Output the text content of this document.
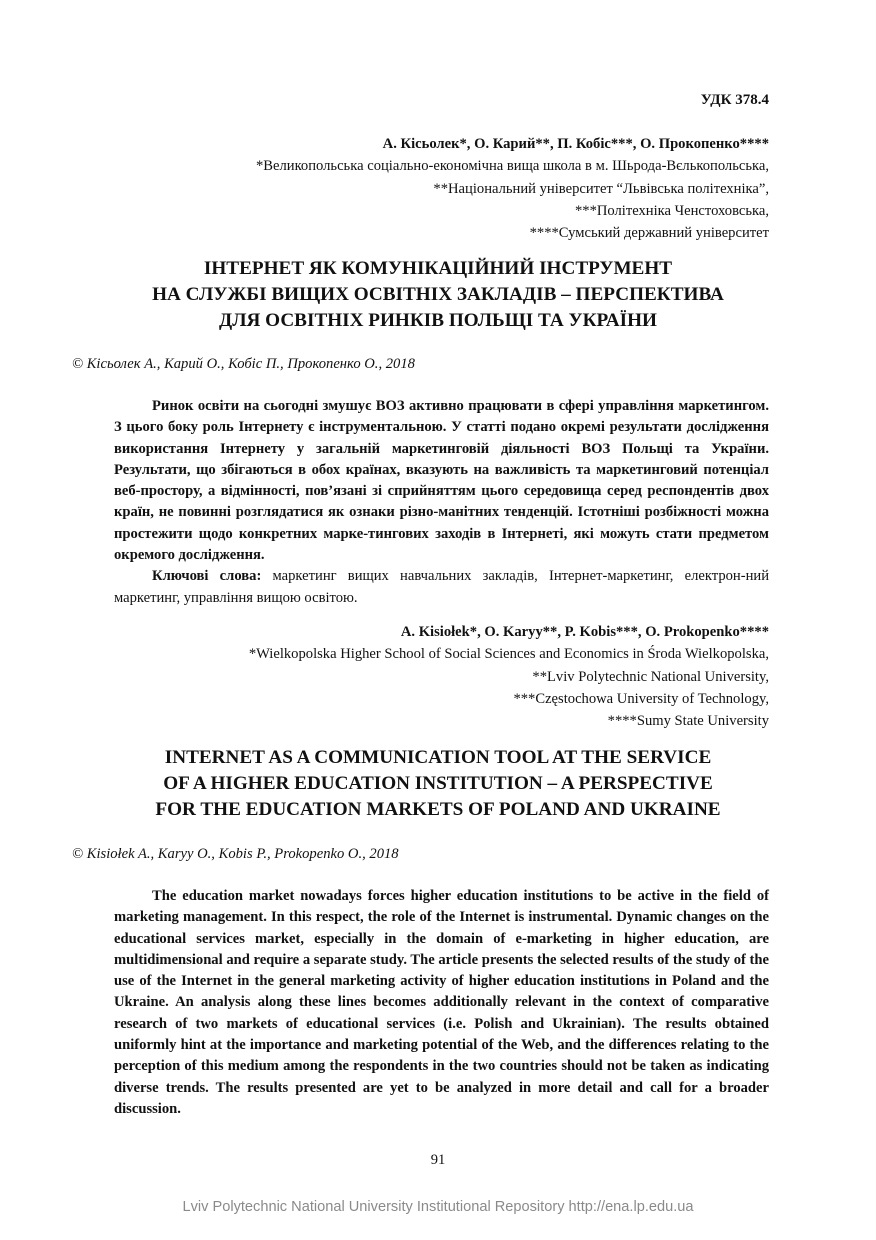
УДК 378.4
А. Кісьолек*, О. Карий**, П. Кобіс***, О. Прокопенко****
*Великопольська соціально-економічна вища школа в м. Шьрода-Вєлькопольська,
**Національний університет “Львівська політехніка”,
***Політехніка Ченстоховська,
****Сумський державний університет
ІНТЕРНЕТ ЯК КОМУНІКАЦІЙНИЙ ІНСТРУМЕНТ
НА СЛУЖБІ ВИЩИХ ОСВІТНІХ ЗАКЛАДІВ – ПЕРСПЕКТИВА
ДЛЯ ОСВІТНІХ РИНКІВ ПОЛЬЩІ ТА УКРАЇНИ
© Кісьолек А., Карий О., Кобіс П., Прокопенко О., 2018

Ринок освіти на сьогодні змушує ВОЗ активно працювати в сфері управління маркетингом. З цього боку роль Інтернету є інструментальною. У статті подано окремі результати дослідження використання Інтернету у загальній маркетинговій діяльності ВОЗ Польщі та України. Результати, що збігаються в обох країнах, вказують на важливість та маркетинговий потенціал веб-простору, а відмінності, пов’язані зі сприйняттям цього середовища серед респондентів двох країн, не повинні розглядатися як ознаки різно-манітних тенденцій. Істотніші розбіжності можна простежити щодо конкретних марке-тингових заходів в Інтернеті, які можуть стати предметом окремого дослідження.

Ключові слова: маркетинг вищих навчальних закладів, Інтернет-маркетинг, електрон-ний маркетинг, управління вищою освітою.

A. Kisiołek*, O. Karyy**, P. Kobis***, O. Prokopenko****
*Wielkopolska Higher School of Social Sciences and Economics in Środa Wielkopolska,
**Lviv Polytechnic National University,
***Częstochowa University of Technology,
****Sumy State University
INTERNET AS A COMMUNICATION TOOL AT THE SERVICE
OF A HIGHER EDUCATION INSTITUTION – A PERSPECTIVE
FOR THE EDUCATION MARKETS OF POLAND AND UKRAINE
© Kisiołek A., Karyy O., Kobis P., Prokopenko O., 2018

The education market nowadays forces higher education institutions to be active in the field of marketing management. In this respect, the role of the Internet is instrumental. Dynamic changes on the educational services market, especially in the domain of e-marketing in higher education, are multidimensional and require a separate study. The article presents the selected results of the study of the use of the Internet in the general marketing activity of higher education institutions in Poland and the Ukraine. An analysis along these lines becomes additionally relevant in the context of comparative research of two markets of educational services (i.e. Polish and Ukrainian). The results obtained uniformly hint at the importance and marketing potential of the Web, and the differences relating to the perception of this medium among the respondents in the two countries should not be taken as indicating diverse trends. The results presented are yet to be analyzed in more detail and call for a broader discussion.

91
Lviv Polytechnic National University Institutional Repository http://ena.lp.edu.ua
